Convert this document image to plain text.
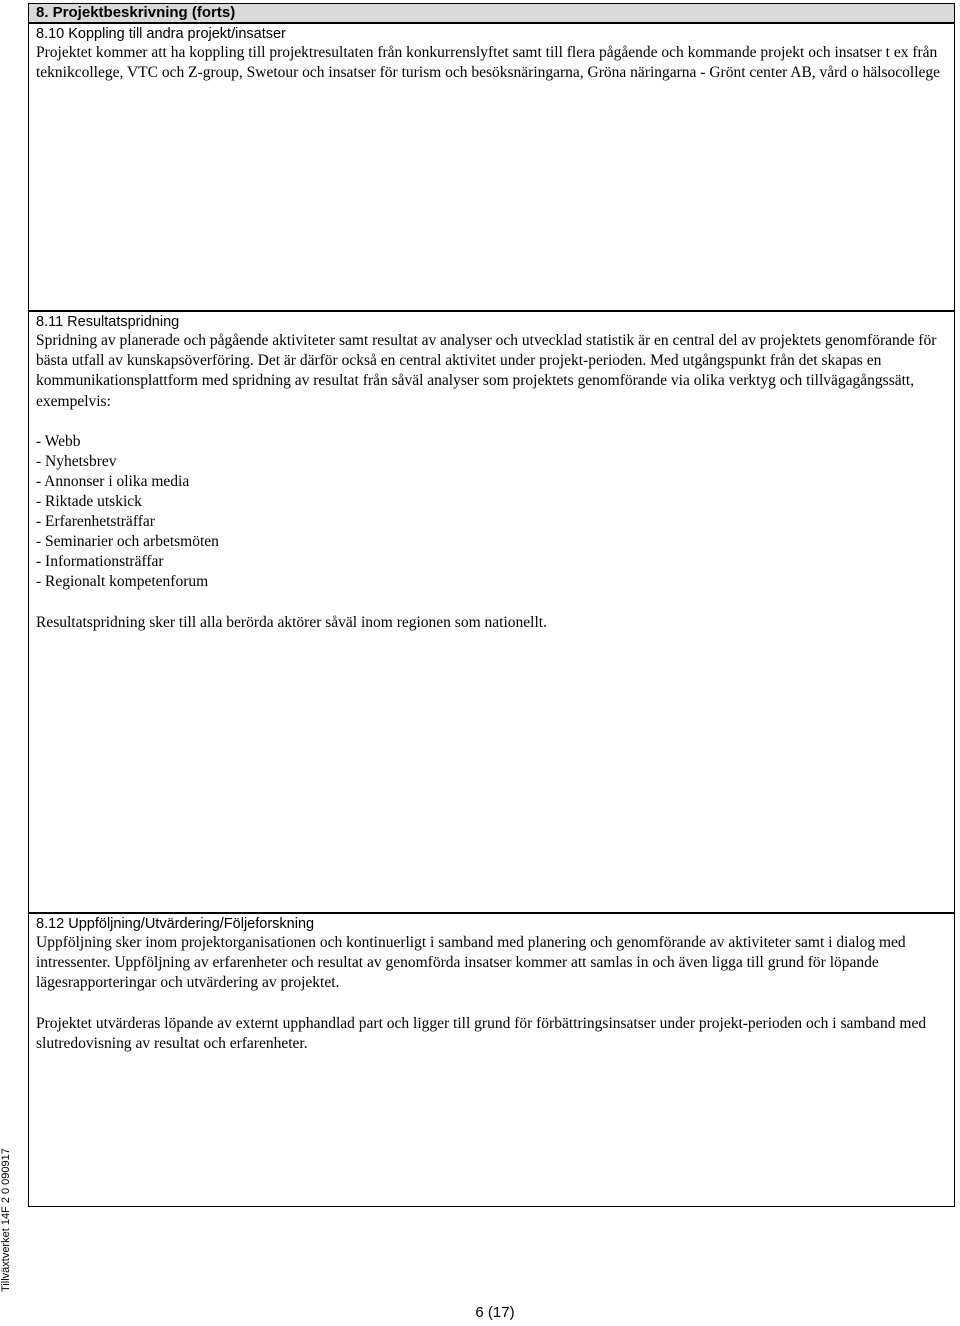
8. Projektbeskrivning (forts)

8.10 Koppling till andra projekt/insatser

Projektet kommer att ha koppling till projektresultaten från konkurrenslyftet samt till flera pågående och kommande projekt och insatser t ex från teknikcollege, VTC och Z-group, Swetour och insatser för turism och besöksnäringarna, Gröna näringarna - Grönt center AB, vård o hälsocollege

8.11 Resultatspridning

Spridning av planerade och pågående aktiviteter samt resultat av analyser och utvecklad statistik är en central del av projektets genomförande för bästa utfall av kunskapsöverföring. Det är därför också en central aktivitet under projekt-perioden. Med utgångspunkt från det skapas en kommunikationsplattform med spridning av resultat från såväl analyser som projektets genomförande via olika verktyg och tillvägagångssätt, exempelvis:

- Webb
- Nyhetsbrev
- Annonser i olika media
- Riktade utskick
- Erfarenhetsträffar
- Seminarier och arbetsmöten
- Informationsträffar
- Regionalt kompetenforum

Resultatspridning sker till alla berörda aktörer såväl inom regionen som nationellt.

8.12 Uppföljning/Utvärdering/Följeforskning

Uppföljning sker inom projektorganisationen och kontinuerligt i samband med planering och genomförande av aktiviteter samt i dialog med intressenter. Uppföljning av erfarenheter och resultat av genomförda insatser kommer att samlas in och även ligga till grund för löpande lägesrapporteringar och utvärdering av projektet.

Projektet utvärderas löpande av externt upphandlad part och ligger till grund för förbättringsinsatser under projekt-perioden och i samband med slutredovisning av resultat och erfarenheter.

Tillväxtverket 14F 2 0 090917
6 (17)
